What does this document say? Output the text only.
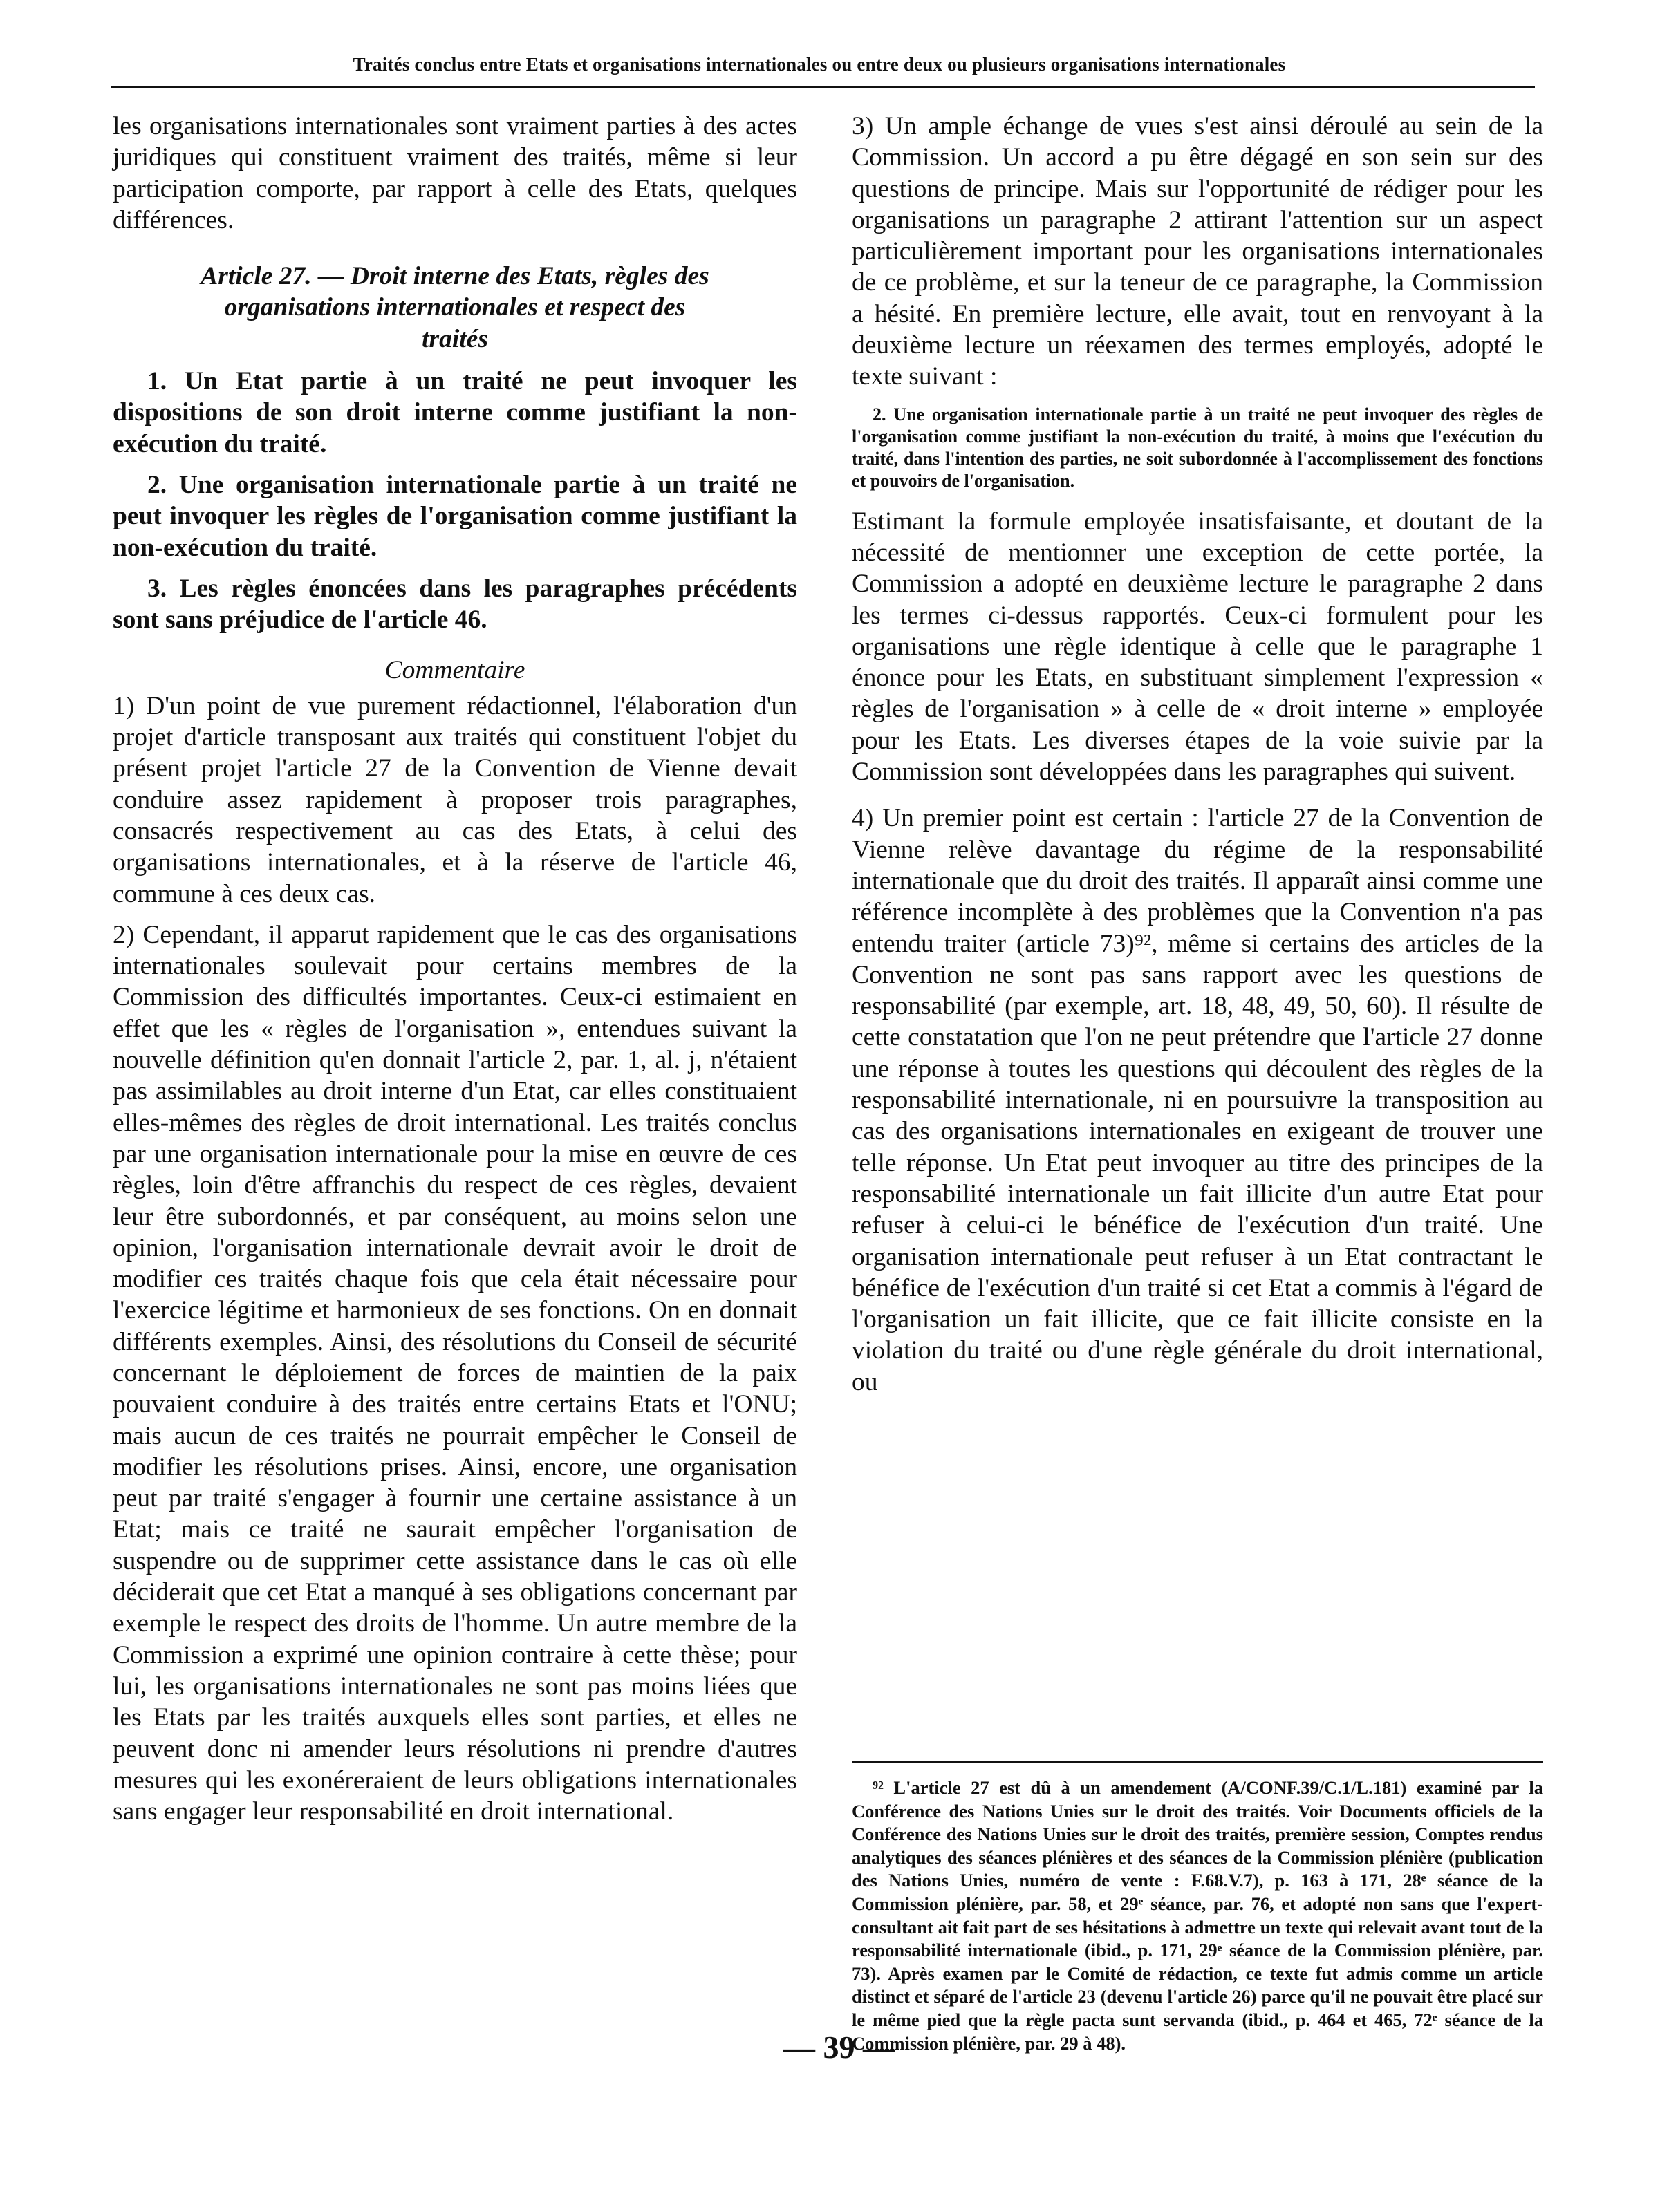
Traités conclus entre Etats et organisations internationales ou entre deux ou plusieurs organisations internationales

les organisations internationales sont vraiment parties à des actes juridiques qui constituent vraiment des traités, même si leur participation comporte, par rapport à celle des Etats, quelques différences.

Article 27. — Droit interne des Etats, règles des organisations internationales et respect des traités

1. Un Etat partie à un traité ne peut invoquer les dispositions de son droit interne comme justifiant la non-exécution du traité.

2. Une organisation internationale partie à un traité ne peut invoquer les règles de l'organisation comme justifiant la non-exécution du traité.

3. Les règles énoncées dans les paragraphes précédents sont sans préjudice de l'article 46.

Commentaire

1) D'un point de vue purement rédactionnel, l'élaboration d'un projet d'article transposant aux traités qui constituent l'objet du présent projet l'article 27 de la Convention de Vienne devait conduire assez rapidement à proposer trois paragraphes, consacrés respectivement au cas des Etats, à celui des organisations internationales, et à la réserve de l'article 46, commune à ces deux cas.

2) Cependant, il apparut rapidement que le cas des organisations internationales soulevait pour certains membres de la Commission des difficultés importantes. Ceux-ci estimaient en effet que les « règles de l'organisation », entendues suivant la nouvelle définition qu'en donnait l'article 2, par. 1, al. j, n'étaient pas assimilables au droit interne d'un Etat, car elles constituaient elles-mêmes des règles de droit international. Les traités conclus par une organisation internationale pour la mise en œuvre de ces règles, loin d'être affranchis du respect de ces règles, devaient leur être subordonnés, et par conséquent, au moins selon une opinion, l'organisation internationale devrait avoir le droit de modifier ces traités chaque fois que cela était nécessaire pour l'exercice légitime et harmonieux de ses fonctions. On en donnait différents exemples. Ainsi, des résolutions du Conseil de sécurité concernant le déploiement de forces de maintien de la paix pouvaient conduire à des traités entre certains Etats et l'ONU; mais aucun de ces traités ne pourrait empêcher le Conseil de modifier les résolutions prises. Ainsi, encore, une organisation peut par traité s'engager à fournir une certaine assistance à un Etat; mais ce traité ne saurait empêcher l'organisation de suspendre ou de supprimer cette assistance dans le cas où elle déciderait que cet Etat a manqué à ses obligations concernant par exemple le respect des droits de l'homme. Un autre membre de la Commission a exprimé une opinion contraire à cette thèse; pour lui, les organisations internationales ne sont pas moins liées que les Etats par les traités auxquels elles sont parties, et elles ne peuvent donc ni amender leurs résolutions ni prendre d'autres mesures qui les exonéreraient de leurs obligations internationales sans engager leur responsabilité en droit international.

3) Un ample échange de vues s'est ainsi déroulé au sein de la Commission. Un accord a pu être dégagé en son sein sur des questions de principe. Mais sur l'opportunité de rédiger pour les organisations un paragraphe 2 attirant l'attention sur un aspect particulièrement important pour les organisations internationales de ce problème, et sur la teneur de ce paragraphe, la Commission a hésité. En première lecture, elle avait, tout en renvoyant à la deuxième lecture un réexamen des termes employés, adopté le texte suivant :

2. Une organisation internationale partie à un traité ne peut invoquer des règles de l'organisation comme justifiant la non-exécution du traité, à moins que l'exécution du traité, dans l'intention des parties, ne soit subordonnée à l'accomplissement des fonctions et pouvoirs de l'organisation.

Estimant la formule employée insatisfaisante, et doutant de la nécessité de mentionner une exception de cette portée, la Commission a adopté en deuxième lecture le paragraphe 2 dans les termes ci-dessus rapportés. Ceux-ci formulent pour les organisations une règle identique à celle que le paragraphe 1 énonce pour les Etats, en substituant simplement l'expression « règles de l'organisation » à celle de « droit interne » employée pour les Etats. Les diverses étapes de la voie suivie par la Commission sont développées dans les paragraphes qui suivent.

4) Un premier point est certain : l'article 27 de la Convention de Vienne relève davantage du régime de la responsabilité internationale que du droit des traités. Il apparaît ainsi comme une référence incomplète à des problèmes que la Convention n'a pas entendu traiter (article 73)⁹², même si certains des articles de la Convention ne sont pas sans rapport avec les questions de responsabilité (par exemple, art. 18, 48, 49, 50, 60). Il résulte de cette constatation que l'on ne peut prétendre que l'article 27 donne une réponse à toutes les questions qui découlent des règles de la responsabilité internationale, ni en poursuivre la transposition au cas des organisations internationales en exigeant de trouver une telle réponse. Un Etat peut invoquer au titre des principes de la responsabilité internationale un fait illicite d'un autre Etat pour refuser à celui-ci le bénéfice de l'exécution d'un traité. Une organisation internationale peut refuser à un Etat contractant le bénéfice de l'exécution d'un traité si cet Etat a commis à l'égard de l'organisation un fait illicite, que ce fait illicite consiste en la violation du traité ou d'une règle générale du droit international, ou

⁹² L'article 27 est dû à un amendement (A/CONF.39/C.1/L.181) examiné par la Conférence des Nations Unies sur le droit des traités. Voir Documents officiels de la Conférence des Nations Unies sur le droit des traités, première session, Comptes rendus analytiques des séances plénières et des séances de la Commission plénière (publication des Nations Unies, numéro de vente : F.68.V.7), p. 163 à 171, 28ᵉ séance de la Commission plénière, par. 58, et 29ᵉ séance, par. 76, et adopté non sans que l'expert-consultant ait fait part de ses hésitations à admettre un texte qui relevait avant tout de la responsabilité internationale (ibid., p. 171, 29ᵉ séance de la Commission plénière, par. 73). Après examen par le Comité de rédaction, ce texte fut admis comme un article distinct et séparé de l'article 23 (devenu l'article 26) parce qu'il ne pouvait être placé sur le même pied que la règle pacta sunt servanda (ibid., p. 464 et 465, 72ᵉ séance de la Commission plénière, par. 29 à 48).

— 39 —
